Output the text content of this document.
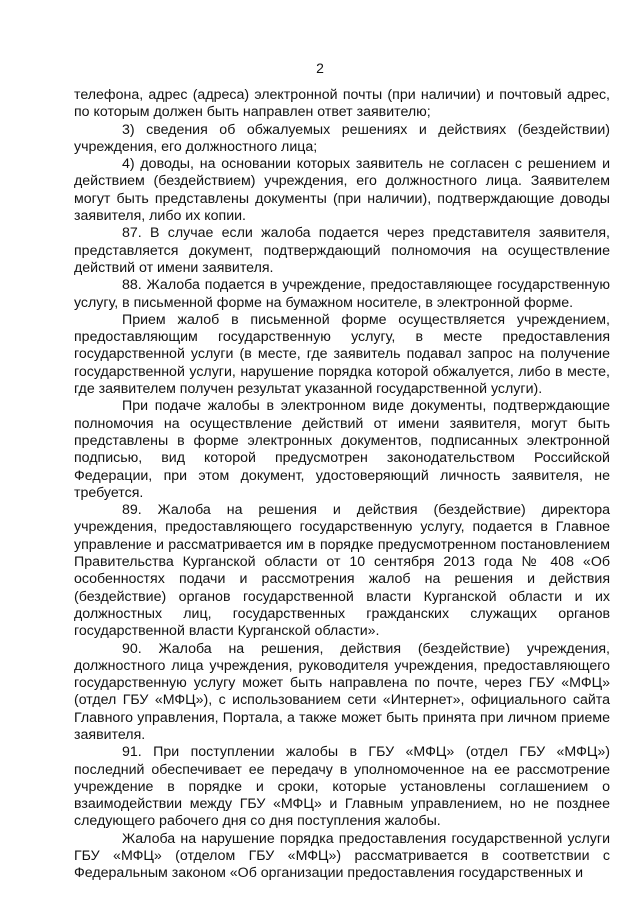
2

телефона, адрес (адреса) электронной почты (при наличии) и почтовый адрес, по которым должен быть направлен ответ заявителю;

3) сведения об обжалуемых решениях и действиях (бездействии) учреждения, его должностного лица;

4) доводы, на основании которых заявитель не согласен с решением и действием (бездействием) учреждения, его должностного лица. Заявителем могут быть представлены документы (при наличии), подтверждающие доводы заявителя, либо их копии.

87. В случае если жалоба подается через представителя заявителя, представляется документ, подтверждающий полномочия на осуществление действий от имени заявителя.

88. Жалоба подается в учреждение, предоставляющее государственную услугу, в письменной форме на бумажном носителе, в электронной форме.

Прием жалоб в письменной форме осуществляется учреждением, предоставляющим государственную услугу, в месте предоставления государственной услуги (в месте, где заявитель подавал запрос на получение государственной услуги, нарушение порядка которой обжалуется, либо в месте, где заявителем получен результат указанной государственной услуги).

При подаче жалобы в электронном виде документы, подтверждающие полномочия на осуществление действий от имени заявителя, могут быть представлены в форме электронных документов, подписанных электронной подписью, вид которой предусмотрен законодательством Российской Федерации, при этом документ, удостоверяющий личность заявителя, не требуется.

89. Жалоба на решения и действия (бездействие) директора учреждения, предоставляющего государственную услугу, подается в Главное управление и рассматривается им в порядке предусмотренном постановлением Правительства Курганской области от 10 сентября 2013 года № 408 «Об особенностях подачи и рассмотрения жалоб на решения и действия (бездействие) органов государственной власти Курганской области и их должностных лиц, государственных гражданских служащих органов государственной власти Курганской области».

90. Жалоба на решения, действия (бездействие) учреждения, должностного лица учреждения, руководителя учреждения, предоставляющего государственную услугу может быть направлена по почте, через ГБУ «МФЦ» (отдел ГБУ «МФЦ»), с использованием сети «Интернет», официального сайта Главного управления, Портала, а также может быть принята при личном приеме заявителя.

91. При поступлении жалобы в ГБУ «МФЦ» (отдел ГБУ «МФЦ») последний обеспечивает ее передачу в уполномоченное на ее рассмотрение учреждение в порядке и сроки, которые установлены соглашением о взаимодействии между ГБУ «МФЦ» и Главным управлением, но не позднее следующего рабочего дня со дня поступления жалобы.

Жалоба на нарушение порядка предоставления государственной услуги ГБУ «МФЦ» (отделом ГБУ «МФЦ») рассматривается в соответствии с Федеральным законом «Об организации предоставления государственных и
